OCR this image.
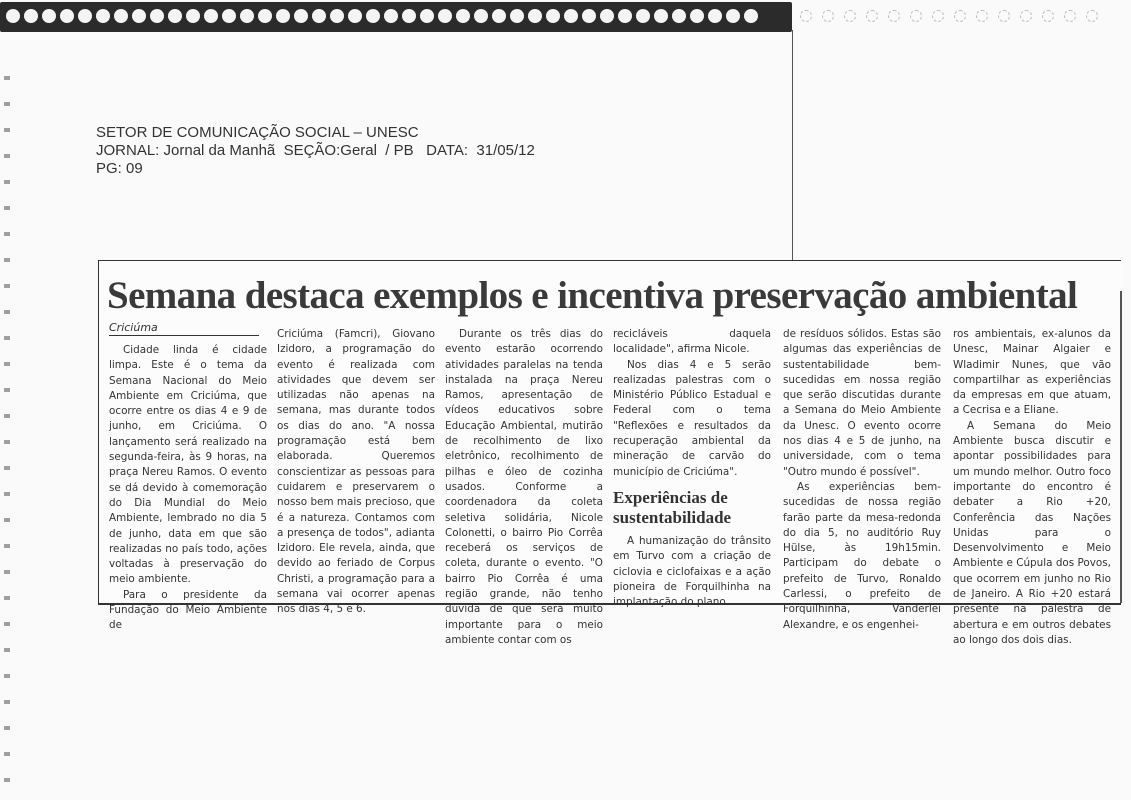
SETOR DE COMUNICAÇÃO SOCIAL – UNESC
JORNAL: Jornal da Manhã  SEÇÃO:Geral  / PB   DATA:  31/05/12
PG: 09
Semana destaca exemplos e incentiva preservação ambiental
Criciúma

Cidade linda é cidade limpa. Este é o tema da Semana Nacional do Meio Ambiente em Criciúma, que ocorre entre os dias 4 e 9 de junho, em Criciúma. O lançamento será realizado na segunda-feira, às 9 horas, na praça Nereu Ramos. O evento se dá devido à comemoração do Dia Mundial do Meio Ambiente, lembrado no dia 5 de junho, data em que são realizadas no país todo, ações voltadas à preservação do meio ambiente.

Para o presidente da Fundação do Meio Ambiente de

Criciúma (Famcri), Giovano Izidoro, a programação do evento é realizada com atividades que devem ser utilizadas não apenas na semana, mas durante todos os dias do ano. "A nossa programação está bem elaborada. Queremos conscientizar as pessoas para cuidarem e preservarem o nosso bem mais precioso, que é a natureza. Contamos com a presença de todos", adianta Izidoro. Ele revela, ainda, que devido ao feriado de Corpus Christi, a programação para a semana vai ocorrer apenas nos dias 4, 5 e 6.

Durante os três dias do evento estarão ocorrendo atividades paralelas na tenda instalada na praça Nereu Ramos, apresentação de vídeos educativos sobre Educação Ambiental, mutirão de recolhimento de lixo eletrônico, recolhimento de pilhas e óleo de cozinha usados. Conforme a coordenadora da coleta seletiva solidária, Nicole Colonetti, o bairro Pio Corrêa receberá os serviços de coleta, durante o evento. "O bairro Pio Corrêa é uma região grande, não tenho dúvida de que será muito importante para o meio ambiente contar com os

recicláveis daquela localidade", afirma Nicole.

Nos dias 4 e 5 serão realizadas palestras com o Ministério Público Estadual e Federal com o tema "Reflexões e resultados da recuperação ambiental da mineração de carvão do município de Criciúma".

Experiências de sustentabilidade

A humanização do trânsito em Turvo com a criação de ciclovia e ciclofaixas e a ação pioneira de Forquilhinha na implantação do plano

de resíduos sólidos. Estas são algumas das experiências de sustentabilidade bem-sucedidas em nossa região que serão discutidas durante a Semana do Meio Ambiente da Unesc. O evento ocorre nos dias 4 e 5 de junho, na universidade, com o tema "Outro mundo é possível".

As experiências bem-sucedidas de nossa região farão parte da mesa-redonda do dia 5, no auditório Ruy Hülse, às 19h15min. Participam do debate o prefeito de Turvo, Ronaldo Carlessi, o prefeito de Forquilhinha, Vanderlei Alexandre, e os engenhei-

ros ambientais, ex-alunos da Unesc, Mainar Algaier e Wladimir Nunes, que vão compartilhar as experiências da empresas em que atuam, a Cecrisa e a Eliane.

A Semana do Meio Ambiente busca discutir e apontar possibilidades para um mundo melhor. Outro foco importante do encontro é debater a Rio +20, Conferência das Nações Unidas para o Desenvolvimento e Meio Ambiente e Cúpula dos Povos, que ocorrem em junho no Rio de Janeiro. A Rio +20 estará presente na palestra de abertura e em outros debates ao longo dos dois dias.
